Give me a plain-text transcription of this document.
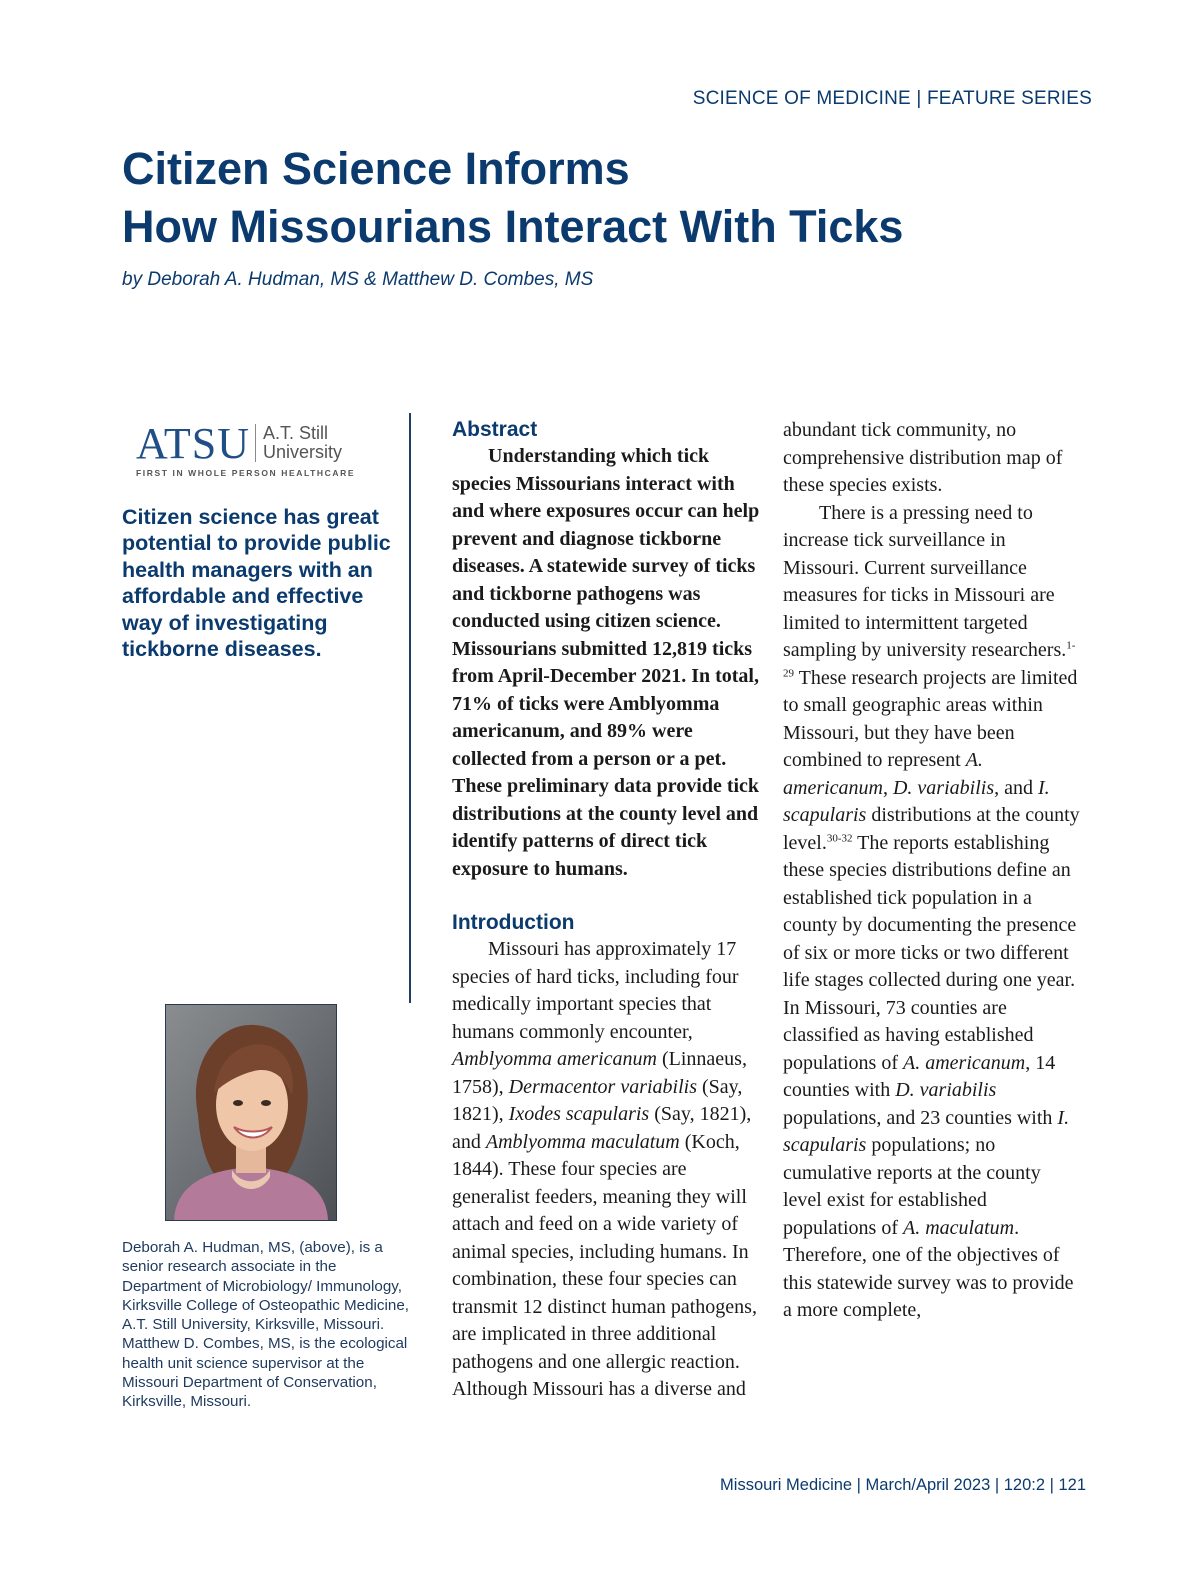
SCIENCE OF MEDICINE | FEATURE SERIES
Citizen Science Informs
How Missourians Interact With Ticks
by Deborah A. Hudman, MS & Matthew D. Combes, MS
ATSU A.T. Still
University
FIRST IN WHOLE PERSON HEALTHCARE

Citizen science has great potential to provide public health managers with an affordable and effective way of investigating tickborne diseases.

Deborah A. Hudman, MS, (above), is a senior research associate in the Department of Microbiology/ Immunology, Kirksville College of Osteopathic Medicine, A.T. Still University, Kirksville, Missouri. Matthew D. Combes, MS, is the ecological health unit science supervisor at the Missouri Department of Conservation, Kirksville, Missouri.

Abstract

Understanding which tick species Missourians interact with and where exposures occur can help prevent and diagnose tickborne diseases. A statewide survey of ticks and tickborne pathogens was conducted using citizen science. Missourians submitted 12,819 ticks from April-December 2021. In total, 71% of ticks were Amblyomma americanum, and 89% were collected from a person or a pet. These preliminary data provide tick distributions at the county level and identify patterns of direct tick exposure to humans.

Introduction

Missouri has approximately 17 species of hard ticks, including four medically important species that humans commonly encounter, Amblyomma americanum (Linnaeus, 1758), Dermacentor variabilis (Say, 1821), Ixodes scapularis (Say, 1821), and Amblyomma maculatum (Koch, 1844). These four species are generalist feeders, meaning they will attach and feed on a wide variety of animal species, including humans. In combination, these four species can transmit 12 distinct human pathogens, are implicated in three additional pathogens and one allergic reaction. Although Missouri has a diverse and

abundant tick community, no comprehensive distribution map of these species exists.

There is a pressing need to increase tick surveillance in Missouri. Current surveillance measures for ticks in Missouri are limited to intermittent targeted sampling by university researchers.$^{1-29}$ These research projects are limited to small geographic areas within Missouri, but they have been combined to represent A. americanum, D. variabilis, and I. scapularis distributions at the county level.$^{30-32}$ The reports establishing these species distributions define an established tick population in a county by documenting the presence of six or more ticks or two different life stages collected during one year. In Missouri, 73 counties are classified as having established populations of A. americanum, 14 counties with D. variabilis populations, and 23 counties with I. scapularis populations; no cumulative reports at the county level exist for established populations of A. maculatum. Therefore, one of the objectives of this statewide survey was to provide a more complete,

Missouri Medicine | March/April 2023 | 120:2 | 121
